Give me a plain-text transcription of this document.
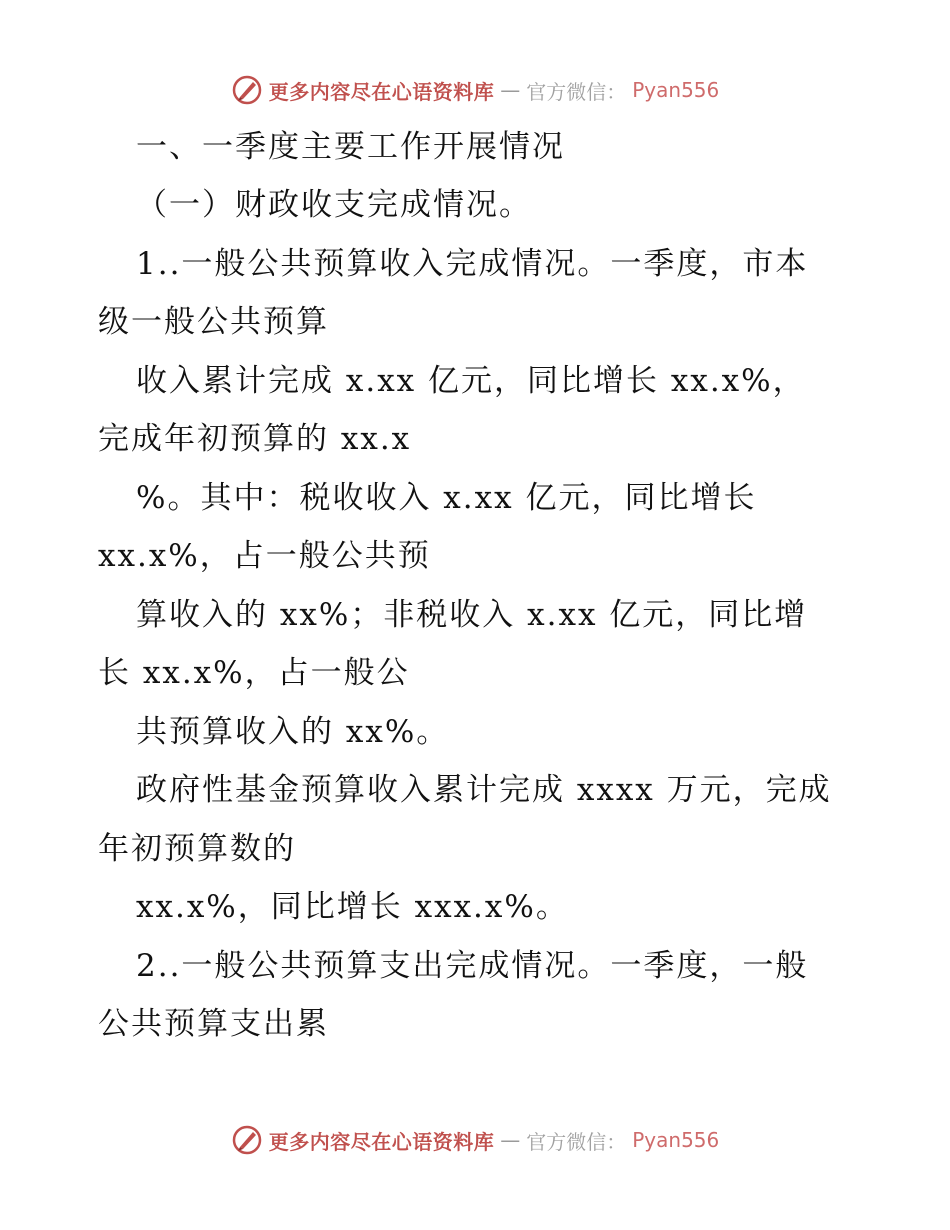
更多内容尽在心语资料库 — 官方微信： Pyan556
一、一季度主要工作开展情况
（一）财政收支完成情况。
1..一般公共预算收入完成情况。一季度，市本
级一般公共预算
收入累计完成 x.xx 亿元，同比增长 xx.x%，
完成年初预算的 xx.x
%。其中：税收收入 x.xx 亿元，同比增长
xx.x%，占一般公共预
算收入的 xx%；非税收入 x.xx 亿元，同比增
长 xx.x%，占一般公
共预算收入的 xx%。
政府性基金预算收入累计完成 xxxx 万元，完成
年初预算数的
xx.x%，同比增长 xxx.x%。
2..一般公共预算支出完成情况。一季度，一般
公共预算支出累
更多内容尽在心语资料库 — 官方微信： Pyan556
